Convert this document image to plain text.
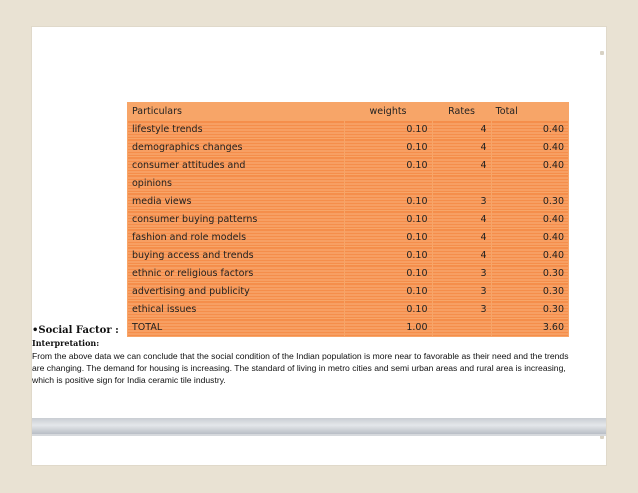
Particulars	weights	Rates	Total
lifestyle trends	0.10	4	0.40
demographics changes	0.10	4	0.40
consumer attitudes and	0.10	4	0.40
opinions			
media views	0.10	3	0.30
consumer buying patterns	0.10	4	0.40
fashion and role models	0.10	4	0.40
buying access and trends	0.10	4	0.40
ethnic or religious factors	0.10	3	0.30
advertising and publicity	0.10	3	0.30
ethical issues	0.10	3	0.30
TOTAL	1.00		3.60

•Social Factor :

Interpretation:

From the above data we can conclude that the social condition of the Indian population is more near to favorable as their need and the trends are changing. The demand for housing is increasing. The standard of living in metro cities and semi urban areas and rural area is increasing, which is positive sign for India ceramic tile industry.
